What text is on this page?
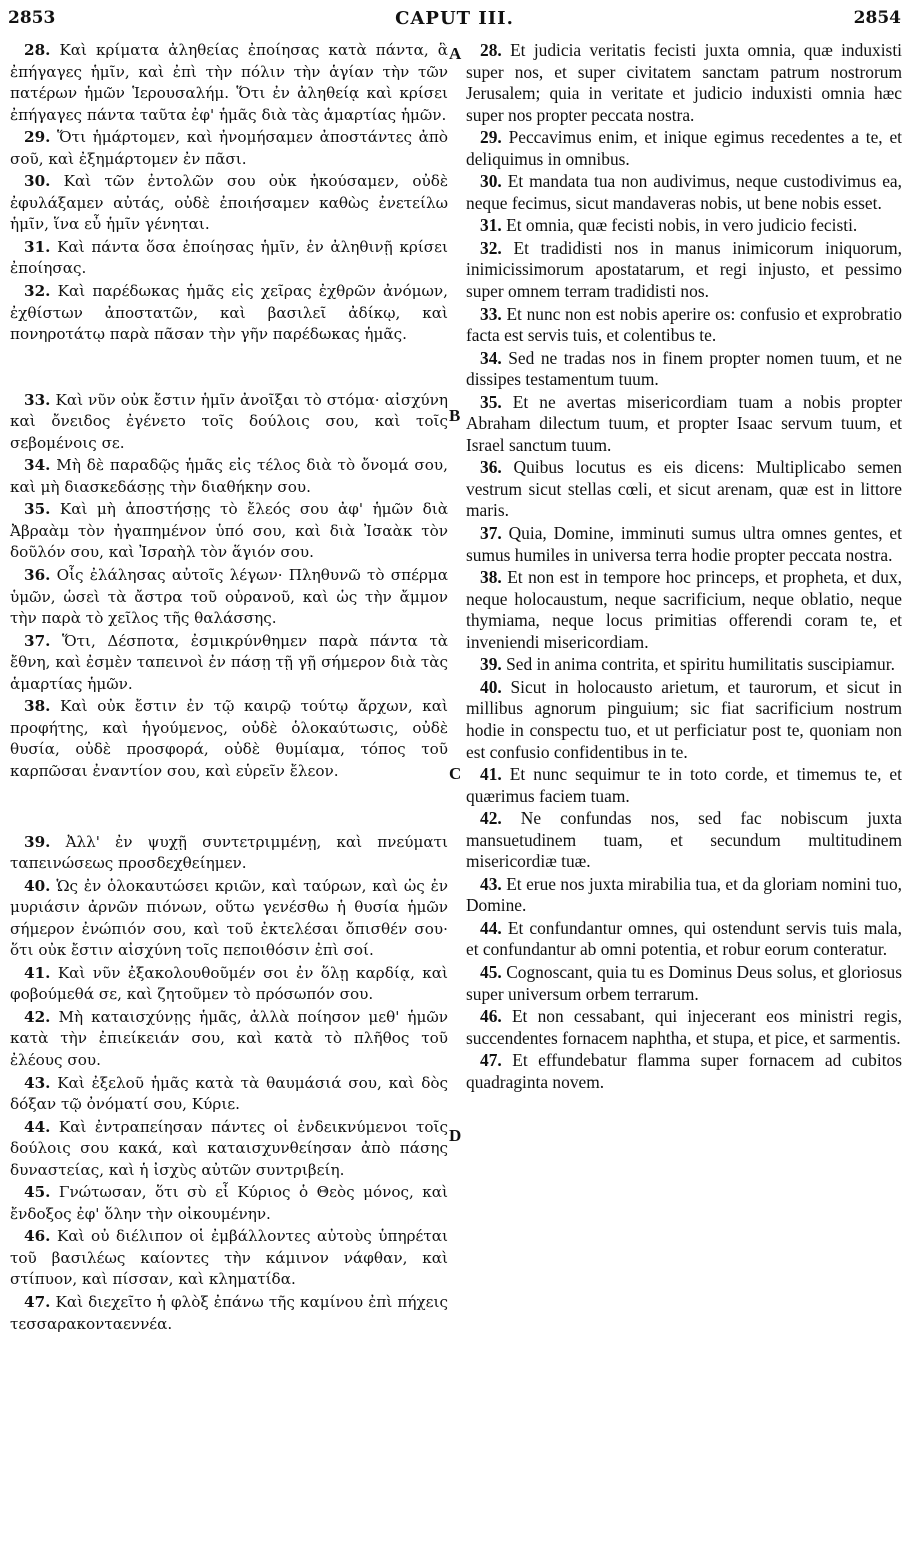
2853	CAPUT III.	2854
A
B
C
D

28. Καὶ κρίματα ἀληθείας ἐποίησας κατὰ πάντα, ἃ ἐπήγαγες ἡμῖν, καὶ ἐπὶ τὴν πόλιν τὴν ἁγίαν τὴν τῶν πατέρων ἡμῶν Ἱερουσαλήμ. Ὅτι ἐν ἀληθείᾳ καὶ κρίσει ἐπήγαγες πάντα ταῦτα ἐφ' ἡμᾶς διὰ τὰς ἁμαρτίας ἡμῶν.

29. Ὅτι ἡμάρτομεν, καὶ ἠνομήσαμεν ἀποστάντες ἀπὸ σοῦ, καὶ ἐξημάρτομεν ἐν πᾶσι.

30. Καὶ τῶν ἐντολῶν σου οὐκ ἠκούσαμεν, οὐδὲ ἐφυλάξαμεν αὐτάς, οὐδὲ ἐποιήσαμεν καθὼς ἐνετείλω ἡμῖν, ἵνα εὖ ἡμῖν γένηται.

31. Καὶ πάντα ὅσα ἐποίησας ἡμῖν, ἐν ἀληθινῇ κρίσει ἐποίησας.

32. Καὶ παρέδωκας ἡμᾶς εἰς χεῖρας ἐχθρῶν ἀνόμων, ἐχθίστων ἀποστατῶν, καὶ βασιλεῖ ἀδίκῳ, καὶ πονηροτάτῳ παρὰ πᾶσαν τὴν γῆν παρέδωκας ἡμᾶς.

33. Καὶ νῦν οὐκ ἔστιν ἡμῖν ἀνοῖξαι τὸ στόμα· αἰσχύνη καὶ ὄνειδος ἐγένετο τοῖς δούλοις σου, καὶ τοῖς σεβομένοις σε.

34. Μὴ δὲ παραδῷς ἡμᾶς εἰς τέλος διὰ τὸ ὄνομά σου, καὶ μὴ διασκεδάσῃς τὴν διαθήκην σου.

35. Καὶ μὴ ἀποστήσῃς τὸ ἔλεός σου ἀφ' ἡμῶν διὰ Ἀβραὰμ τὸν ἠγαπημένον ὑπό σου, καὶ διὰ Ἰσαὰκ τὸν δοῦλόν σου, καὶ Ἰσραὴλ τὸν ἅγιόν σου.

36. Οἷς ἐλάλησας αὐτοῖς λέγων· Πληθυνῶ τὸ σπέρμα ὑμῶν, ὡσεὶ τὰ ἄστρα τοῦ οὐρανοῦ, καὶ ὡς τὴν ἄμμον τὴν παρὰ τὸ χεῖλος τῆς θαλάσσης.

37. Ὅτι, Δέσποτα, ἐσμικρύνθημεν παρὰ πάντα τὰ ἔθνη, καὶ ἐσμὲν ταπεινοὶ ἐν πάσῃ τῇ γῇ σήμερον διὰ τὰς ἁμαρτίας ἡμῶν.

38. Καὶ οὐκ ἔστιν ἐν τῷ καιρῷ τούτῳ ἄρχων, καὶ προφήτης, καὶ ἡγούμενος, οὐδὲ ὁλοκαύτωσις, οὐδὲ θυσία, οὐδὲ προσφορά, οὐδὲ θυμίαμα, τόπος τοῦ καρπῶσαι ἐναντίον σου, καὶ εὑρεῖν ἔλεον.

39. Ἀλλ' ἐν ψυχῇ συντετριμμένῃ, καὶ πνεύματι ταπεινώσεως προσδεχθείημεν.

40. Ὡς ἐν ὁλοκαυτώσει κριῶν, καὶ ταύρων, καὶ ὡς ἐν μυριάσιν ἀρνῶν πιόνων, οὕτω γενέσθω ἡ θυσία ἡμῶν σήμερον ἐνώπιόν σου, καὶ τοῦ ἐκτελέσαι ὄπισθέν σου· ὅτι οὐκ ἔστιν αἰσχύνη τοῖς πεποιθόσιν ἐπὶ σοί.

41. Καὶ νῦν ἐξακολουθοῦμέν σοι ἐν ὅλῃ καρδίᾳ, καὶ φοβούμεθά σε, καὶ ζητοῦμεν τὸ πρόσωπόν σου.

42. Μὴ καταισχύνῃς ἡμᾶς, ἀλλὰ ποίησον μεθ' ἡμῶν κατὰ τὴν ἐπιείκειάν σου, καὶ κατὰ τὸ πλῆθος τοῦ ἐλέους σου.

43. Καὶ ἐξελοῦ ἡμᾶς κατὰ τὰ θαυμάσιά σου, καὶ δὸς δόξαν τῷ ὀνόματί σου, Κύριε.

44. Καὶ ἐντραπείησαν πάντες οἱ ἐνδεικνύμενοι τοῖς δούλοις σου κακά, καὶ καταισχυνθείησαν ἀπὸ πάσης δυναστείας, καὶ ἡ ἰσχὺς αὐτῶν συντριβείη.

45. Γνώτωσαν, ὅτι σὺ εἶ Κύριος ὁ Θεὸς μόνος, καὶ ἔνδοξος ἐφ' ὅλην τὴν οἰκουμένην.

46. Καὶ οὐ διέλιπον οἱ ἐμβάλλοντες αὐτοὺς ὑπηρέται τοῦ βασιλέως καίοντες τὴν κάμινον νάφθαν, καὶ στίπυον, καὶ πίσσαν, καὶ κληματίδα.

47. Καὶ διεχεῖτο ἡ φλὸξ ἐπάνω τῆς καμίνου ἐπὶ πήχεις τεσσαρακονταεννέα.

28. Et judicia veritatis fecisti juxta omnia, quæ induxisti super nos, et super civitatem sanctam patrum nostrorum Jerusalem; quia in veritate et judicio induxisti omnia hæc super nos propter peccata nostra.

29. Peccavimus enim, et inique egimus recedentes a te, et deliquimus in omnibus.

30. Et mandata tua non audivimus, neque custodivimus ea, neque fecimus, sicut mandaveras nobis, ut bene nobis esset.

31. Et omnia, quæ fecisti nobis, in vero judicio fecisti.

32. Et tradidisti nos in manus inimicorum iniquorum, inimicissimorum apostatarum, et regi injusto, et pessimo super omnem terram tradidisti nos.

33. Et nunc non est nobis aperire os: confusio et exprobratio facta est servis tuis, et colentibus te.

34. Sed ne tradas nos in finem propter nomen tuum, et ne dissipes testamentum tuum.

35. Et ne avertas misericordiam tuam a nobis propter Abraham dilectum tuum, et propter Isaac servum tuum, et Israel sanctum tuum.

36. Quibus locutus es eis dicens: Multiplicabo semen vestrum sicut stellas cœli, et sicut arenam, quæ est in littore maris.

37. Quia, Domine, imminuti sumus ultra omnes gentes, et sumus humiles in universa terra hodie propter peccata nostra.

38. Et non est in tempore hoc princeps, et propheta, et dux, neque holocaustum, neque sacrificium, neque oblatio, neque thymiama, neque locus primitias offerendi coram te, et inveniendi misericordiam.

39. Sed in anima contrita, et spiritu humilitatis suscipiamur.

40. Sicut in holocausto arietum, et taurorum, et sicut in millibus agnorum pinguium; sic fiat sacrificium nostrum hodie in conspectu tuo, et ut perficiatur post te, quoniam non est confusio confidentibus in te.

41. Et nunc sequimur te in toto corde, et timemus te, et quærimus faciem tuam.

42. Ne confundas nos, sed fac nobiscum juxta mansuetudinem tuam, et secundum multitudinem misericordiæ tuæ.

43. Et erue nos juxta mirabilia tua, et da gloriam nomini tuo, Domine.

44. Et confundantur omnes, qui ostendunt servis tuis mala, et confundantur ab omni potentia, et robur eorum conteratur.

45. Cognoscant, quia tu es Dominus Deus solus, et gloriosus super universum orbem terrarum.

46. Et non cessabant, qui injecerant eos ministri regis, succendentes fornacem naphtha, et stupa, et pice, et sarmentis.

47. Et effundebatur flamma super fornacem ad cubitos quadraginta novem.
